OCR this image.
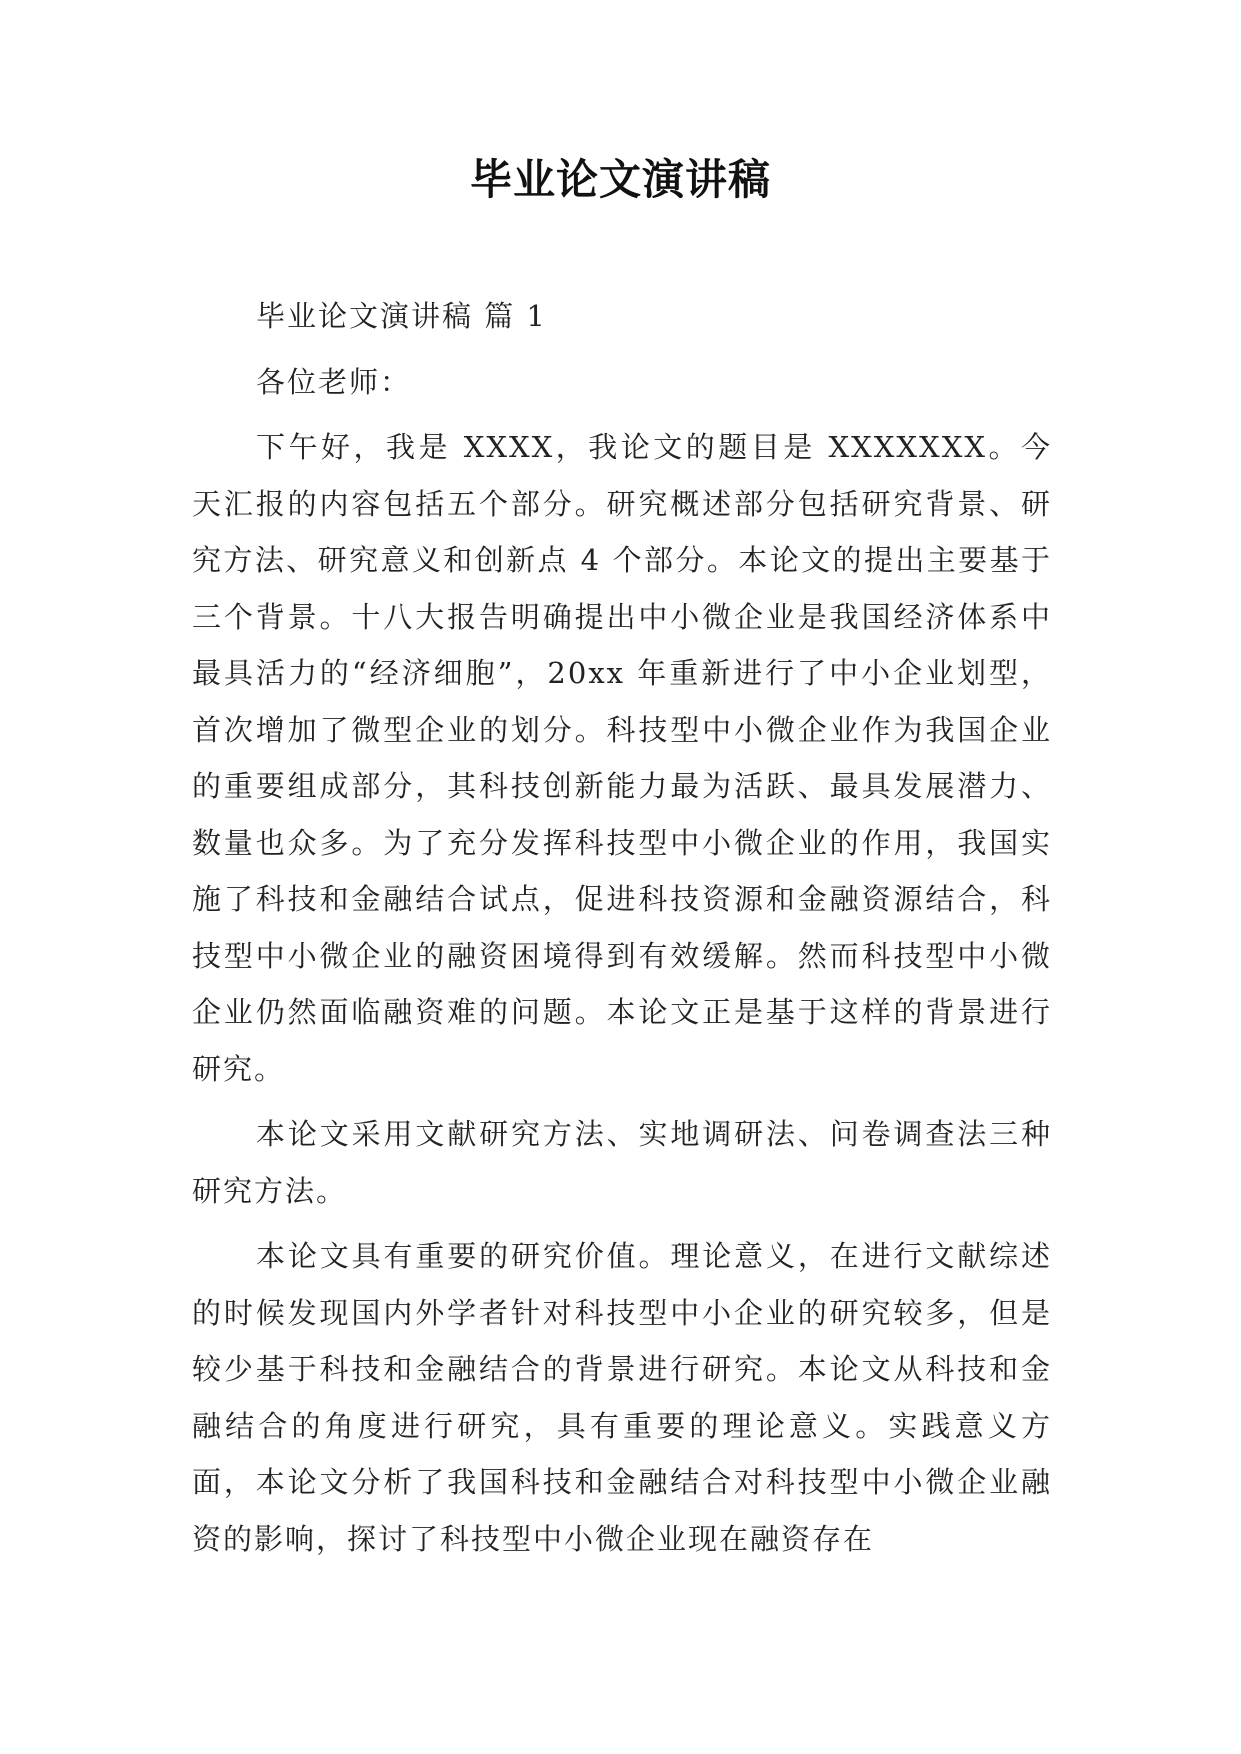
毕业论文演讲稿

毕业论文演讲稿 篇 1

各位老师：

下午好，我是 XXXX，我论文的题目是 XXXXXXX。今天汇报的内容包括五个部分。研究概述部分包括研究背景、研究方法、研究意义和创新点 4 个部分。本论文的提出主要基于三个背景。十八大报告明确提出中小微企业是我国经济体系中最具活力的“经济细胞”，20xx 年重新进行了中小企业划型，首次增加了微型企业的划分。科技型中小微企业作为我国企业的重要组成部分，其科技创新能力最为活跃、最具发展潜力、数量也众多。为了充分发挥科技型中小微企业的作用，我国实施了科技和金融结合试点，促进科技资源和金融资源结合，科技型中小微企业的融资困境得到有效缓解。然而科技型中小微企业仍然面临融资难的问题。本论文正是基于这样的背景进行研究。

本论文采用文献研究方法、实地调研法、问卷调查法三种研究方法。

本论文具有重要的研究价值。理论意义，在进行文献综述的时候发现国内外学者针对科技型中小企业的研究较多，但是较少基于科技和金融结合的背景进行研究。本论文从科技和金融结合的角度进行研究，具有重要的理论意义。实践意义方面，本论文分析了我国科技和金融结合对科技型中小微企业融资的影响，探讨了科技型中小微企业现在融资存在
